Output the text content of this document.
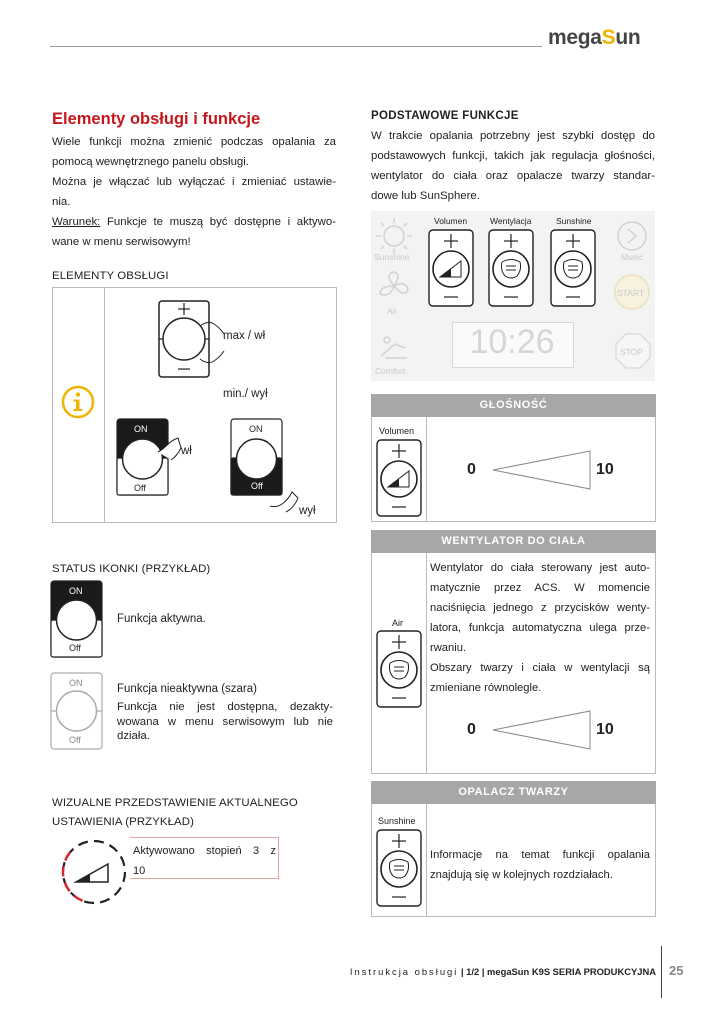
megaSun
Elementy obsługi i funkcje
Wiele funkcji można zmienić podczas opalania za
pomocą wewnętrznego panelu obsługi.
Można je włączać lub wyłączać i zmieniać ustawie-
nia.
Warunek: Funkcje te muszą być dostępne i aktywo-
wane w menu serwisowym!
ELEMENTY OBSŁUGI
max / wł
min./ wył
ON
Off
wł
ON
Off
wył
STATUS IKONKI (PRZYKŁAD)
ON
Off
Funkcja aktywna.
ON
Off
Funkcja nieaktywna (szara)
Funkcja nie jest dostępna, dezakty-
wowana w menu serwisowym lub nie
działa.
WIZUALNE PRZEDSTAWIENIE AKTUALNEGO
USTAWIENIA (PRZYKŁAD)
Aktywowano stopień 3 z
10
PODSTAWOWE FUNKCJE
W trakcie opalania potrzebny jest szybki dostęp do
podstawowych funkcji, takich jak regulacja głośności,
wentylator do ciała oraz opalacze twarzy standar-
dowe lub SunSphere.
Sunshine
Air
Comfort
Volumen	Wentylacja	Sunshine
Music
START
STOP
10:26
GŁOŚNOŚĆ
Volumen
0	10
WENTYLATOR DO CIAŁA
Air
Wentylator do ciała sterowany jest auto-
matycznie przez ACS. W momencie
naciśnięcia jednego z przycisków wenty-
latora, funkcja automatyczna ulega prze-
rwaniu.
Obszary twarzy i ciała w wentylacji są
zmieniane równolegle.
0	10
OPALACZ TWARZY
Sunshine
Informacje na temat funkcji opalania
znajdują się w kolejnych rozdziałach.
Instrukcja obsługi | 1/2 | megaSun K9S SERIA PRODUKCYJNA 25
